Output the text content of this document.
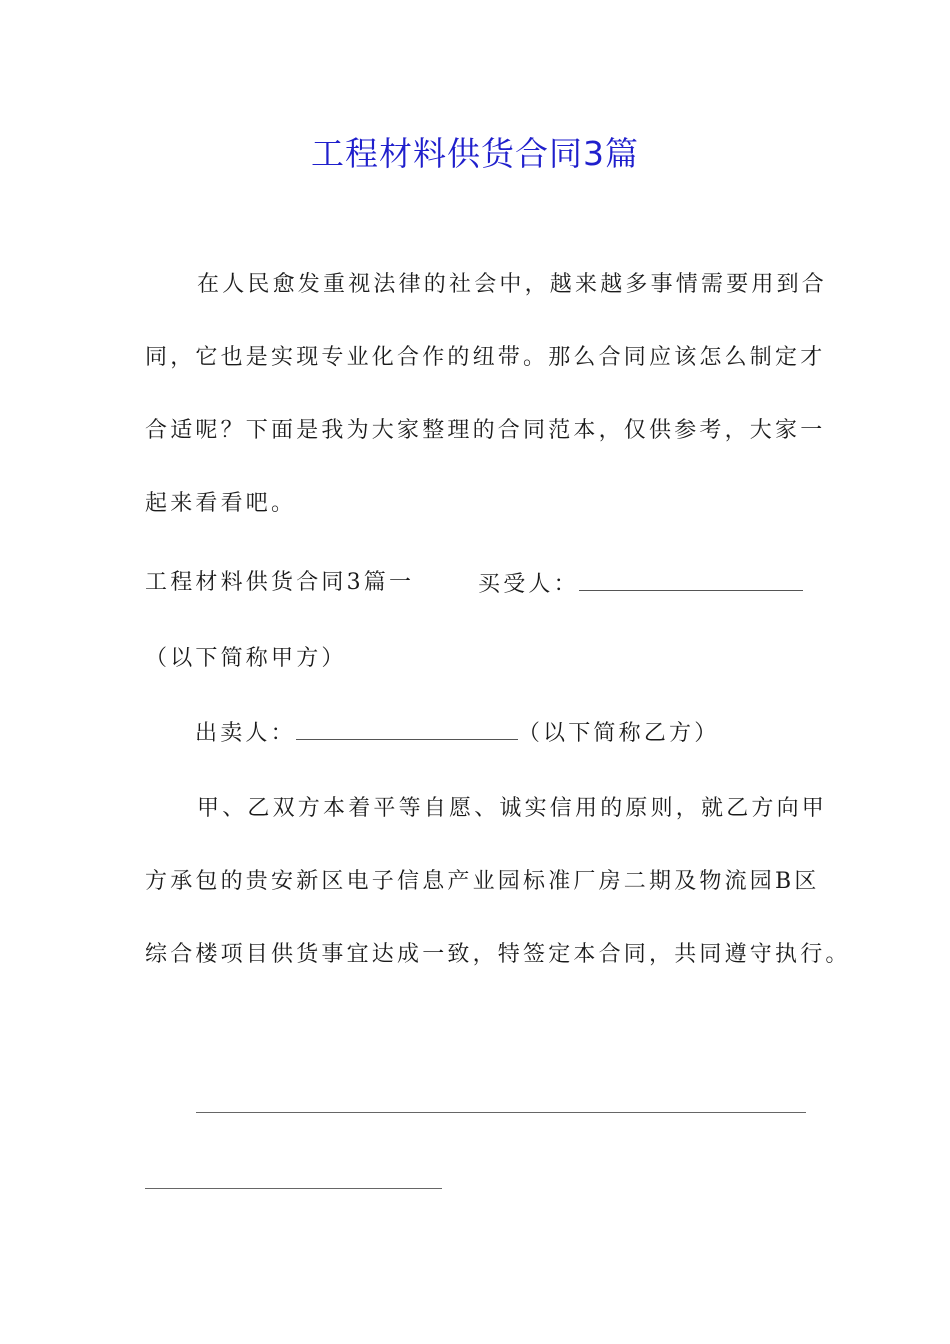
工程材料供货合同3篇
在人民愈发重视法律的社会中，越来越多事情需要用到合
同，它也是实现专业化合作的纽带。那么合同应该怎么制定才
合适呢？下面是我为大家整理的合同范本，仅供参考，大家一
起来看看吧。
工程材料供货合同3篇一	买受人：
（以下简称甲方）
出卖人：	（以下简称乙方）
甲、乙双方本着平等自愿、诚实信用的原则，就乙方向甲
方承包的贵安新区电子信息产业园标准厂房二期及物流园B区
综合楼项目供货事宜达成一致，特签定本合同，共同遵守执行。
